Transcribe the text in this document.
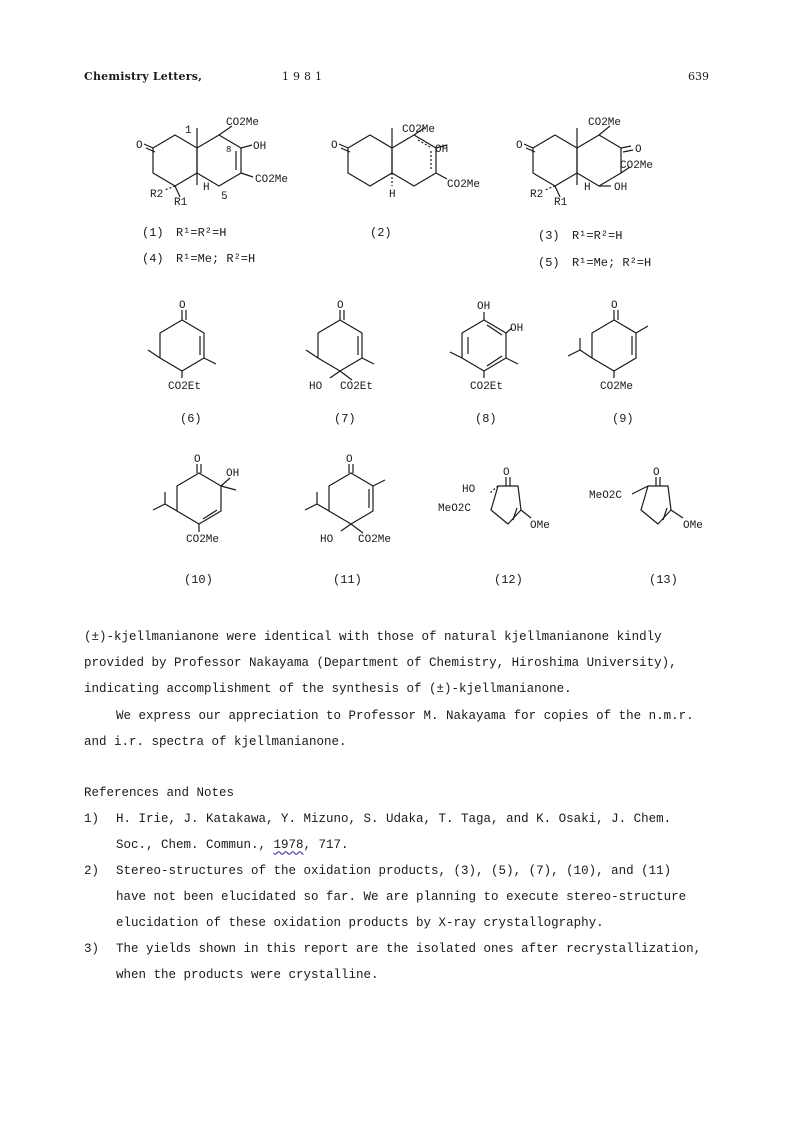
Chemistry Letters,	1981	639
CO2Me
1
8 OH
CO2Me
O
H
5
R2
R1
CO2Me
OH
CO2Me
O
H
CO2Me
O
CO2Me
OH
O
H
R2
R1
O
CO2Et
O
HO CO2Et
OH
OH
CO2Et
O
CO2Me
O
OH
CO2Me
O
HO CO2Me
O
HO
MeO2C
OMe
O
MeO2C
OMe
(1) R¹=R²=H
(4) R¹=Me; R²=H
(2)	(3) R¹=R²=H
(5) R¹=Me; R²=H
(6)	(7)	(8)	(9)
(10)	(11)	(12)	(13)
(±)-kjellmanianone were identical with those of natural kjellmanianone kindly
provided by Professor Nakayama (Department of Chemistry, Hiroshima University),
indicating accomplishment of the synthesis of (±)-kjellmanianone.
We express our appreciation to Professor M. Nakayama for copies of the n.m.r.
and i.r. spectra of kjellmanianone.
References and Notes
1) H. Irie, J. Katakawa, Y. Mizuno, S. Udaka, T. Taga, and K. Osaki, J. Chem.
Soc., Chem. Commun., 1978, 717.
2) Stereo-structures of the oxidation products, (3), (5), (7), (10), and (11)
have not been elucidated so far. We are planning to execute stereo-structure
elucidation of these oxidation products by X-ray crystallography.
3) The yields shown in this report are the isolated ones after recrystallization,
when the products were crystalline.
